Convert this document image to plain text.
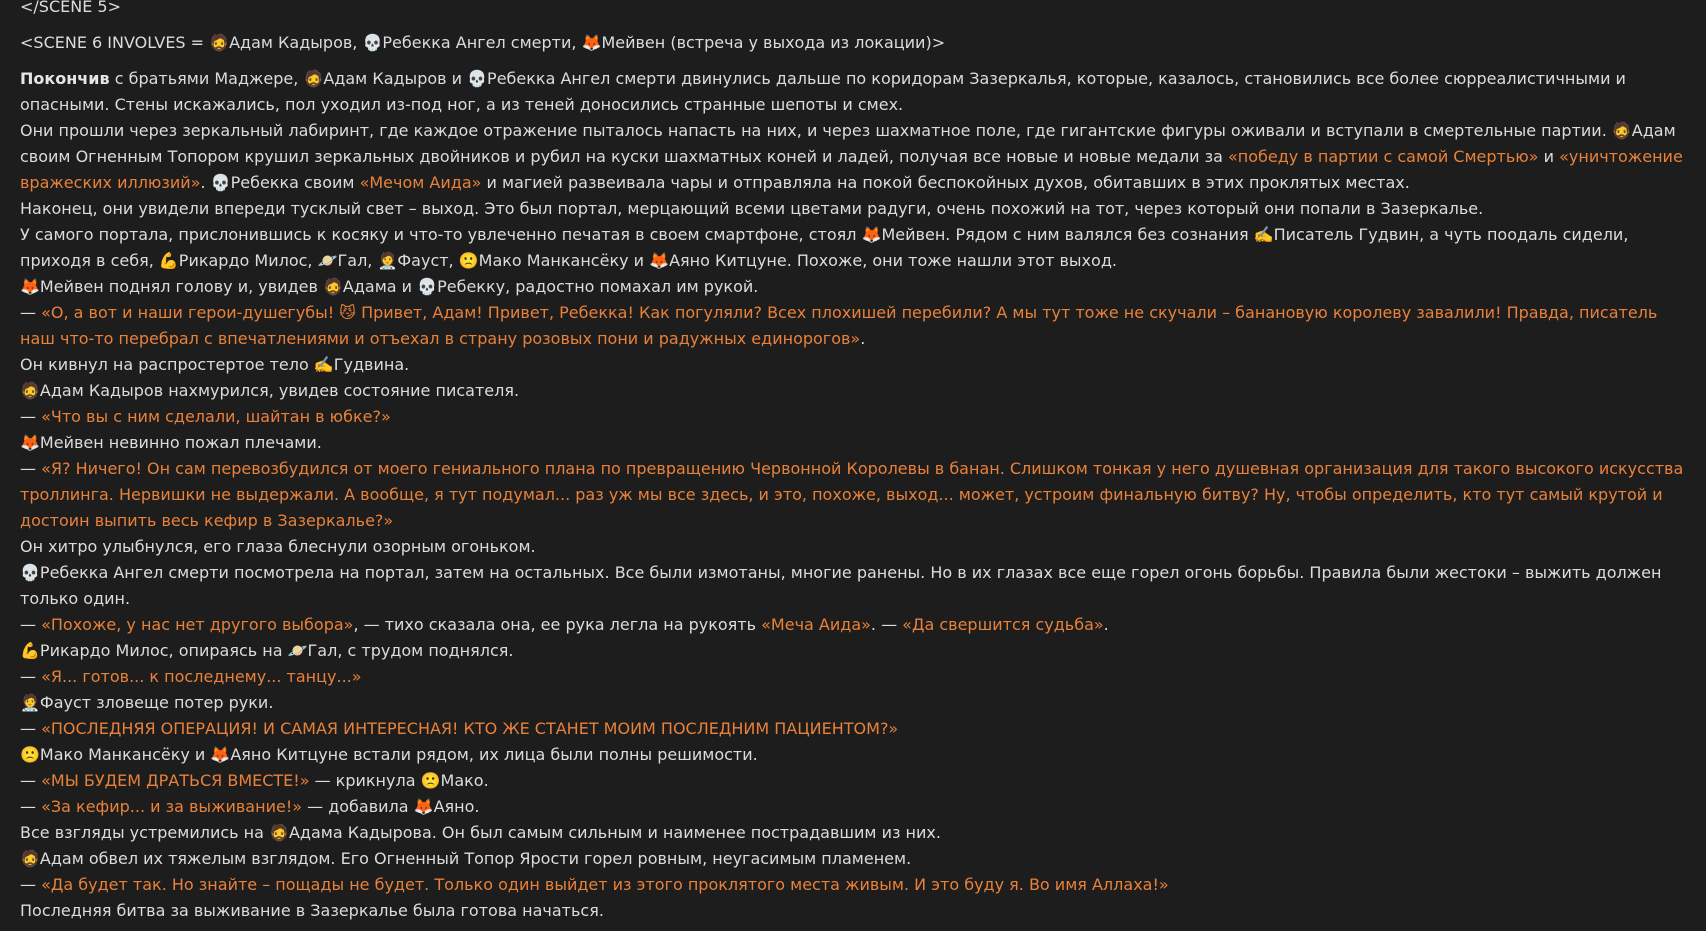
</SCENE 5>

<SCENE 6 INVOLVES = 🧔Адам Кадыров, 💀Ребекка Ангел смерти, 🦊Мейвен (встреча у выхода из локации)>

Покончив с братьями Маджере, 🧔Адам Кадыров и 💀Ребекка Ангел смерти двинулись дальше по коридорам Зазеркалья, которые, казалось, становились все более сюрреалистичными и опасными. Стены искажались, пол уходил из-под ног, а из теней доносились странные шепоты и смех.

Они прошли через зеркальный лабиринт, где каждое отражение пыталось напасть на них, и через шахматное поле, где гигантские фигуры оживали и вступали в смертельные партии. 🧔Адам своим Огненным Топором крушил зеркальных двойников и рубил на куски шахматных коней и ладей, получая все новые и новые медали за «победу в партии с самой Смертью» и «уничтожение вражеских иллюзий». 💀Ребекка своим «Мечом Аида» и магией развеивала чары и отправляла на покой беспокойных духов, обитавших в этих проклятых местах.

Наконец, они увидели впереди тусклый свет – выход. Это был портал, мерцающий всеми цветами радуги, очень похожий на тот, через который они попали в Зазеркалье.

У самого портала, прислонившись к косяку и что-то увлеченно печатая в своем смартфоне, стоял 🦊Мейвен. Рядом с ним валялся без сознания ✍️Писатель Гудвин, а чуть поодаль сидели, приходя в себя, 💪Рикардо Милос, 🪐Гал, 🧑‍⚕️Фауст, 🙁Мако Манкансёку и 🦊Аяно Китцуне. Похоже, они тоже нашли этот выход.

🦊Мейвен поднял голову и, увидев 🧔Адама и 💀Ребекку, радостно помахал им рукой.

— «О, а вот и наши герои-душегубы! 😼 Привет, Адам! Привет, Ребекка! Как погуляли? Всех плохишей перебили? А мы тут тоже не скучали – банановую королеву завалили! Правда, писатель наш что-то перебрал с впечатлениями и отъехал в страну розовых пони и радужных единорогов».

Он кивнул на распростертое тело ✍️Гудвина.

🧔Адам Кадыров нахмурился, увидев состояние писателя.

— «Что вы с ним сделали, шайтан в юбке?»

🦊Мейвен невинно пожал плечами.

— «Я? Ничего! Он сам перевозбудился от моего гениального плана по превращению Червонной Королевы в банан. Слишком тонкая у него душевная организация для такого высокого искусства троллинга. Нервишки не выдержали. А вообще, я тут подумал... раз уж мы все здесь, и это, похоже, выход... может, устроим финальную битву? Ну, чтобы определить, кто тут самый крутой и достоин выпить весь кефир в Зазеркалье?»

Он хитро улыбнулся, его глаза блеснули озорным огоньком.

💀Ребекка Ангел смерти посмотрела на портал, затем на остальных. Все были измотаны, многие ранены. Но в их глазах все еще горел огонь борьбы. Правила были жестоки – выжить должен только один.

— «Похоже, у нас нет другого выбора», — тихо сказала она, ее рука легла на рукоять «Меча Аида». — «Да свершится судьба».

💪Рикардо Милос, опираясь на 🪐Гал, с трудом поднялся.

— «Я... готов... к последнему... танцу...»

🧑‍⚕️Фауст зловеще потер руки.

— «ПОСЛЕДНЯЯ ОПЕРАЦИЯ! И САМАЯ ИНТЕРЕСНАЯ! КТО ЖЕ СТАНЕТ МОИМ ПОСЛЕДНИМ ПАЦИЕНТОМ?»

🙁Мако Манкансёку и 🦊Аяно Китцуне встали рядом, их лица были полны решимости.

— «МЫ БУДЕМ ДРАТЬСЯ ВМЕСТЕ!» — крикнула 🙁Мако.

— «За кефир... и за выживание!» — добавила 🦊Аяно.

Все взгляды устремились на 🧔Адама Кадырова. Он был самым сильным и наименее пострадавшим из них.

🧔Адам обвел их тяжелым взглядом. Его Огненный Топор Ярости горел ровным, неугасимым пламенем.

— «Да будет так. Но знайте – пощады не будет. Только один выйдет из этого проклятого места живым. И это буду я. Во имя Аллаха!»

Последняя битва за выживание в Зазеркалье была готова начаться.
